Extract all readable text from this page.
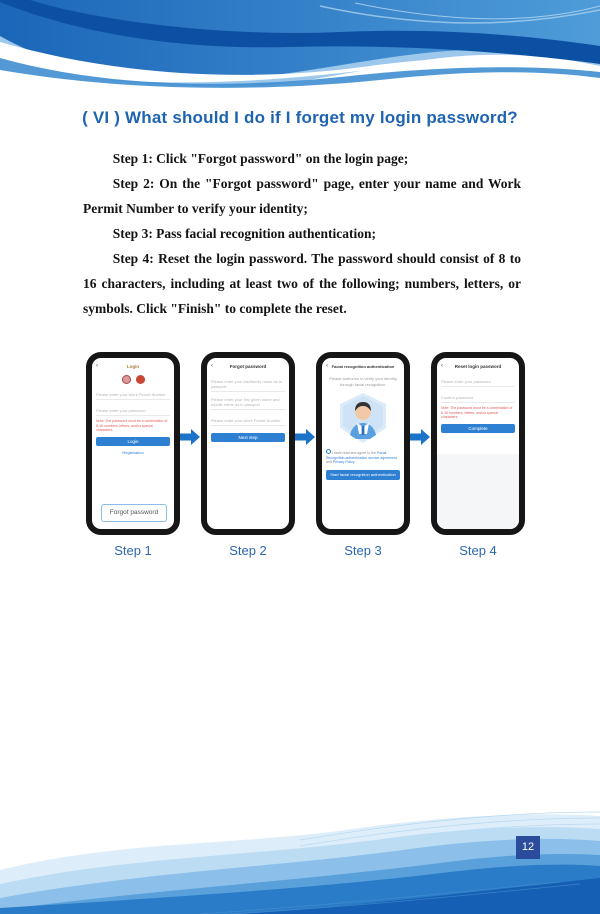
( VI ) What should I do if I forget my login password?

Step 1: Click "Forgot password" on the login page;

Step 2: On the "Forgot password" page, enter your name and Work Permit Number to verify your identity;

Step 3: Pass facial recognition authentication;

Step 4: Reset the login password. The password should consist of 8 to 16 characters, including at least two of the following; numbers, letters, or symbols. Click "Finish" to complete the reset.

‹	Login
Please enter your Work Permit Number
Please enter your password
Note: The password must be a combination of 8-16 numbers, letters, and/or special characters.
Login
Registration
Forgot password
‹	Forgot password
Please enter your last/family name as in passport
Please enter your first given name and middle name as in passport
Please enter your Work Permit Number
Next step
‹ Facial recognition authentication
Please authorize to verify your identity through facial recognition.
I have read and agree to the Facial Recognition authentication service agreement and Privacy Policy
Start facial recognition authentication
‹	Reset login password
Please enter your password
Confirm password
Note: The password must be a combination of 8-16 numbers, letters, and/or special characters.
Complete
Step 1	Step 2	Step 3	Step 4
12
